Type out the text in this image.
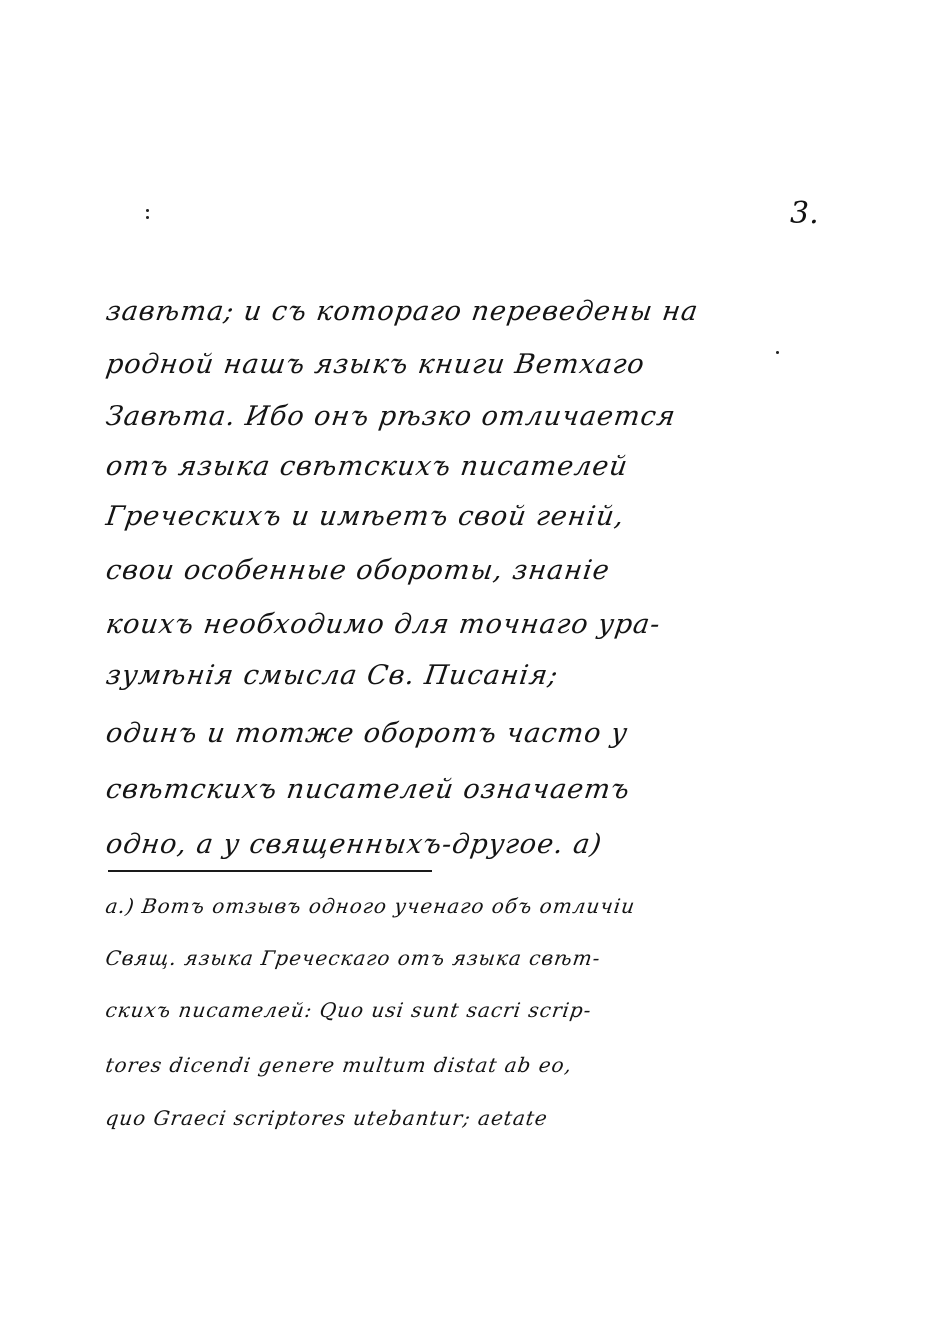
3.
завѣта; и съ котораго переведены на
родной нашъ языкъ книги Ветхаго
Завѣта. Ибо онъ рѣзко отличается
отъ языка свѣтскихъ писателей
Греческихъ и имѣетъ свой геній,
свои особенные обороты, знаніе
коихъ необходимо для точнаго ура-
зумѣнія смысла Св. Писанія;
одинъ и тотже оборотъ часто у
свѣтскихъ писателей означаетъ
одно, а у священныхъ-другое. a)
a.) Вотъ отзывъ одного ученаго объ отличіи
Свящ. языка Греческаго отъ языка свѣт-
скихъ писателей: Quo usi sunt sacri scrip-
tores dicendi genere multum distat ab eo,
quo Graeci scriptores utebantur; aetate
